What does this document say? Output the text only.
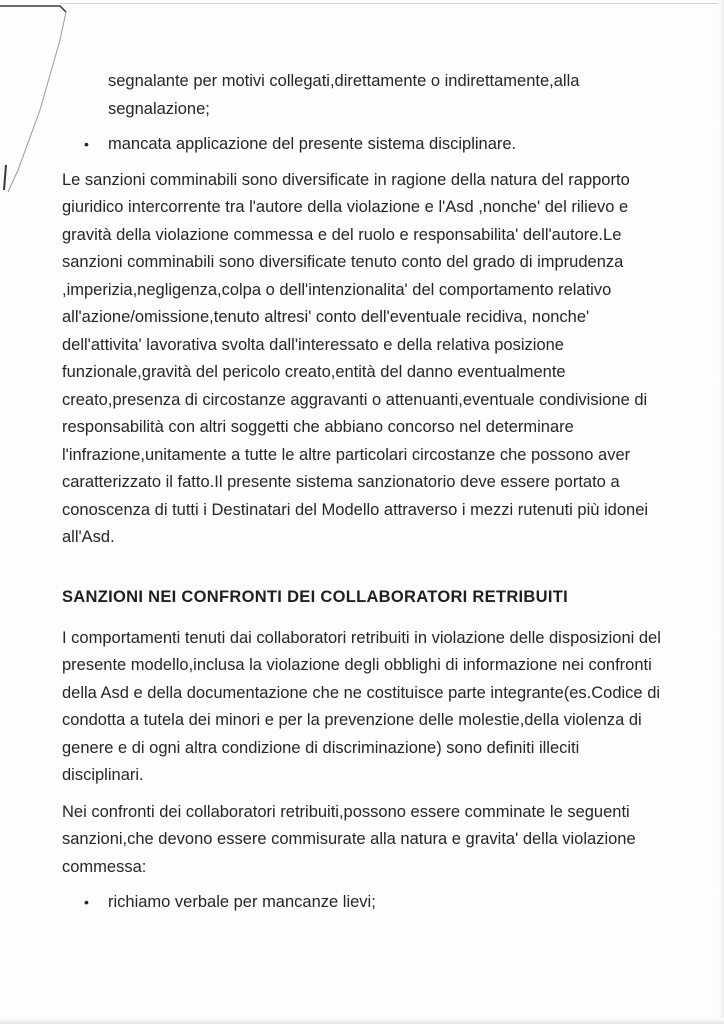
segnalante per motivi collegati,direttamente o indirettamente,alla segnalazione;

• mancata applicazione del presente sistema disciplinare.

Le sanzioni comminabili sono diversificate in ragione della natura del rapporto giuridico intercorrente tra l'autore della violazione e l'Asd ,nonche' del rilievo e gravità della violazione commessa e del ruolo e responsabilita' dell'autore.Le sanzioni comminabili sono diversificate tenuto conto del grado di imprudenza ,imperizia,negligenza,colpa o dell'intenzionalita' del comportamento relativo all'azione/omissione,tenuto altresi' conto dell'eventuale recidiva, nonche' dell'attivita' lavorativa svolta dall'interessato e della relativa posizione funzionale,gravità del pericolo creato,entità del danno eventualmente creato,presenza di circostanze aggravanti o attenuanti,eventuale condivisione di responsabilità con altri soggetti che abbiano concorso nel determinare l'infrazione,unitamente a tutte le altre particolari circostanze che possono aver caratterizzato il fatto.Il presente sistema sanzionatorio deve essere portato a conoscenza di tutti i Destinatari del Modello attraverso i mezzi rutenuti più idonei all'Asd.

SANZIONI NEI CONFRONTI DEI COLLABORATORI RETRIBUITI

I comportamenti tenuti dai collaboratori retribuiti in violazione delle disposizioni del presente modello,inclusa la violazione degli obblighi di informazione nei confronti della Asd e della documentazione che ne costituisce parte integrante(es.Codice di condotta a tutela dei minori e per la prevenzione delle molestie,della violenza di genere e di ogni altra condizione di discriminazione) sono definiti illeciti disciplinari.

Nei confronti dei collaboratori retribuiti,possono essere comminate le seguenti sanzioni,che devono essere commisurate alla natura e gravita' della violazione commessa:

• richiamo verbale per mancanze lievi;
